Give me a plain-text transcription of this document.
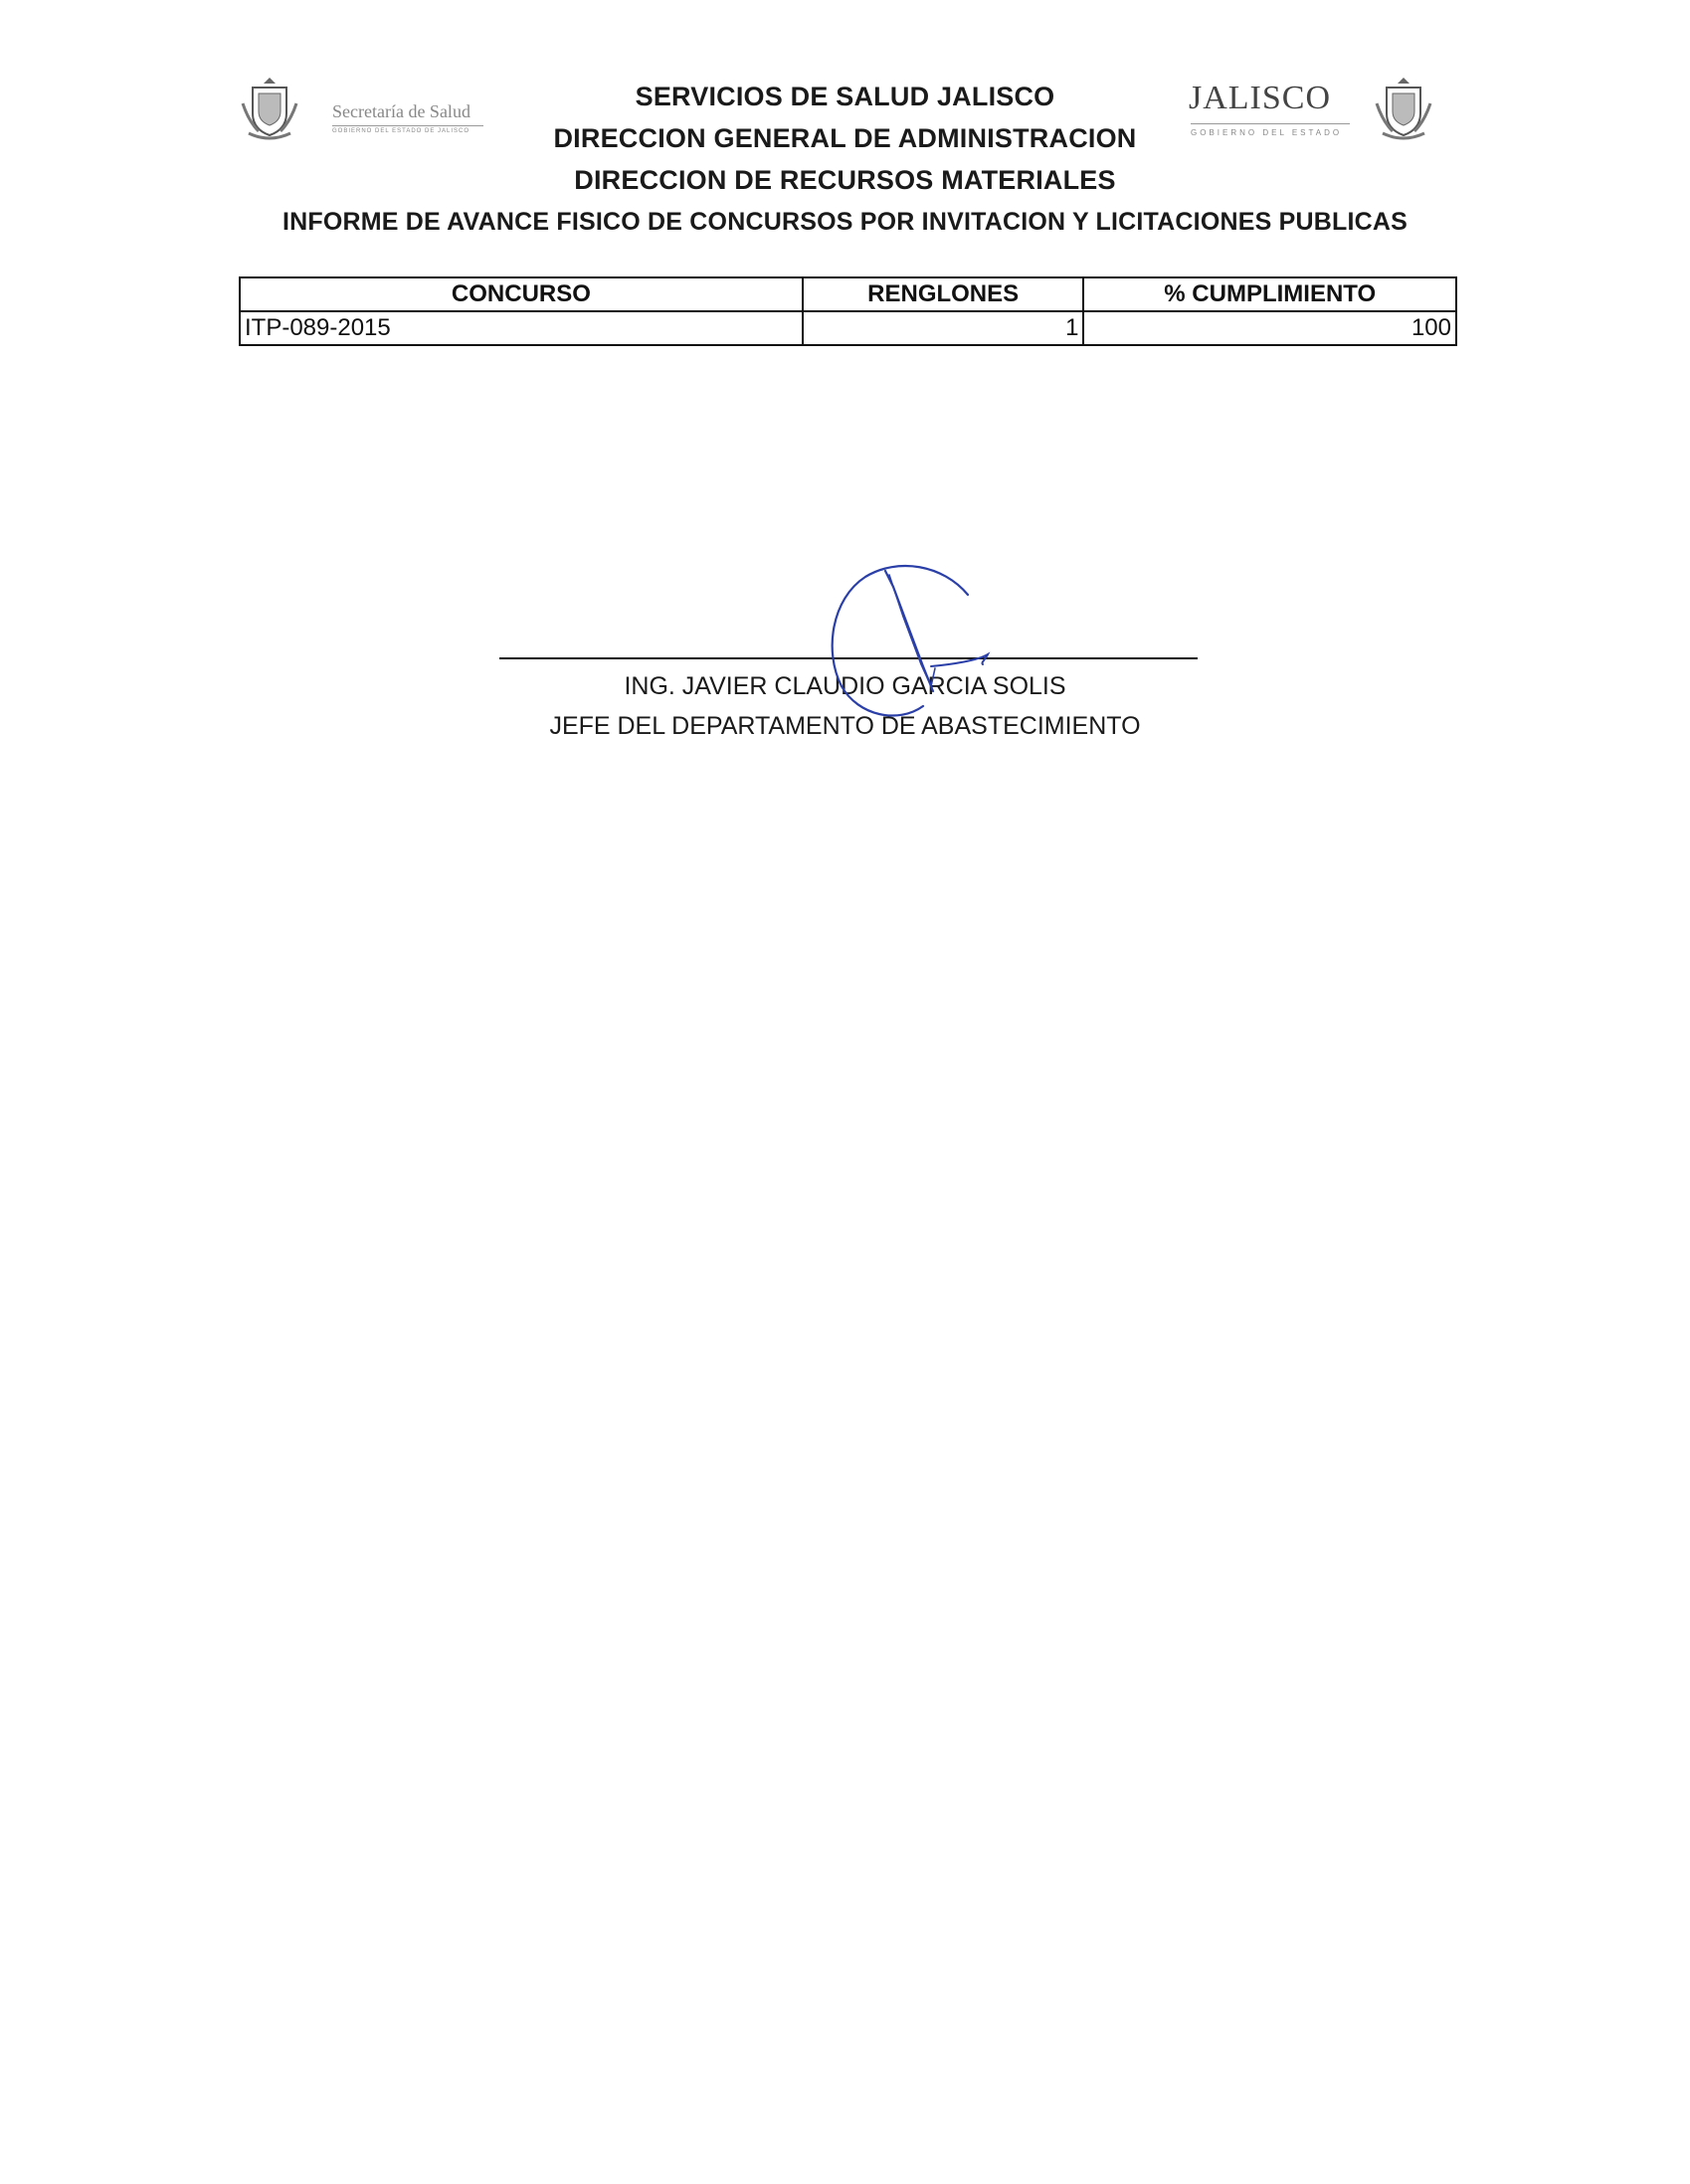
Secretaría de Salud
GOBIERNO DEL ESTADO DE JALISCO
SERVICIOS DE SALUD JALISCO
DIRECCION GENERAL DE ADMINISTRACION
DIRECCION DE RECURSOS MATERIALES
INFORME DE AVANCE FISICO DE CONCURSOS POR INVITACION Y LICITACIONES PUBLICAS
JALISCO
GOBIERNO DEL ESTADO
CONCURSO	RENGLONES	% CUMPLIMIENTO
ITP-089-2015	1	100
ING. JAVIER CLAUDIO GARCIA SOLIS
JEFE DEL DEPARTAMENTO DE ABASTECIMIENTO
